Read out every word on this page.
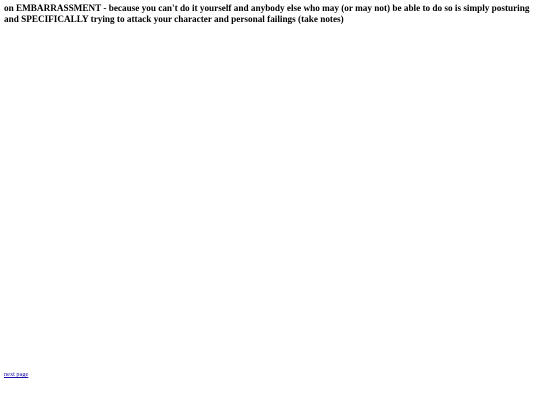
on EMBARRASSMENT - because you can't do it yourself and anybody else who may (or may not) be able to do so is simply posturing and SPECIFICALLY trying to attack your character and personal failings (take notes)
next page
